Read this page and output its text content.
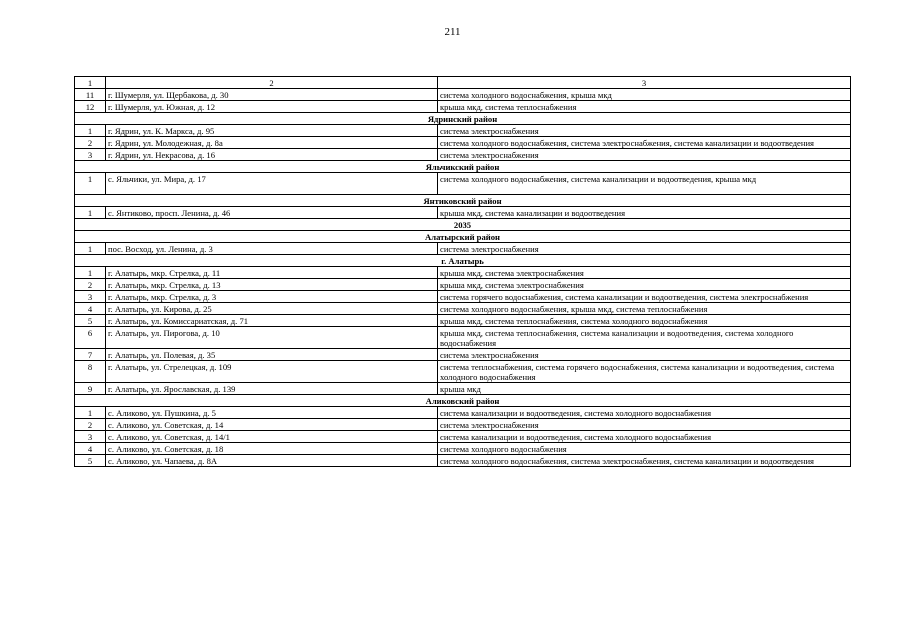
211
1	2	3
11	г. Шумерля, ул. Щербакова, д. 30	система холодного водоснабжения, крыша мкд
12	г. Шумерля, ул. Южная, д. 12	крыша мкд, система теплоснабжения
Ядринский район		
1	г. Ядрин, ул. К. Маркса, д. 95	система электроснабжения
2	г. Ядрин, ул. Молодежная, д. 8а	система холодного водоснабжения, система электроснабжения, система канализации и водоотведения
3	г. Ядрин, ул. Некрасова, д. 16	система электроснабжения
Яльчикский район		
1	с. Яльчики, ул. Мира, д. 17	система холодного водоснабжения, система канализации и водоотведения, крыша мкд
Янтиковский район		
1	с. Янтиково, просп. Ленина, д. 46	крыша мкд, система канализации и водоотведения
2035		
Алатырский район		
1	пос. Восход, ул. Ленина, д. 3	система электроснабжения
г. Алатырь		
1	г. Алатырь, мкр. Стрелка, д. 11	крыша мкд, система электроснабжения
2	г. Алатырь, мкр. Стрелка, д. 13	крыша мкд, система электроснабжения
3	г. Алатырь, мкр. Стрелка, д. 3	система горячего водоснабжения, система канализации и водоотведения, система электроснабжения
4	г. Алатырь, ул. Кирова, д. 25	система холодного водоснабжения, крыша мкд, система теплоснабжения
5	г. Алатырь, ул. Комиссариатская, д. 71	крыша мкд, система теплоснабжения, система холодного водоснабжения
6	г. Алатырь, ул. Пирогова, д. 10	крыша мкд, система теплоснабжения, система канализации и водоотведения, система холодного водоснабжения
7	г. Алатырь, ул. Полевая, д. 35	система электроснабжения
8	г. Алатырь, ул. Стрелецкая, д. 109	система теплоснабжения, система горячего водоснабжения, система канализации и водоотведения, система холодного водоснабжения
9	г. Алатырь, ул. Ярославская, д. 139	крыша мкд
Аликовский район		
1	с. Аликово, ул. Пушкина, д. 5	система канализации и водоотведения, система холодного водоснабжения
2	с. Аликово, ул. Советская, д. 14	система электроснабжения
3	с. Аликово, ул. Советская, д. 14/1	система канализации и водоотведения, система холодного водоснабжения
4	с. Аликово, ул. Советская, д. 18	система холодного водоснабжения
5	с. Аликово, ул. Чапаева, д. 8А	система холодного водоснабжения, система электроснабжения, система канализации и водоотведения
